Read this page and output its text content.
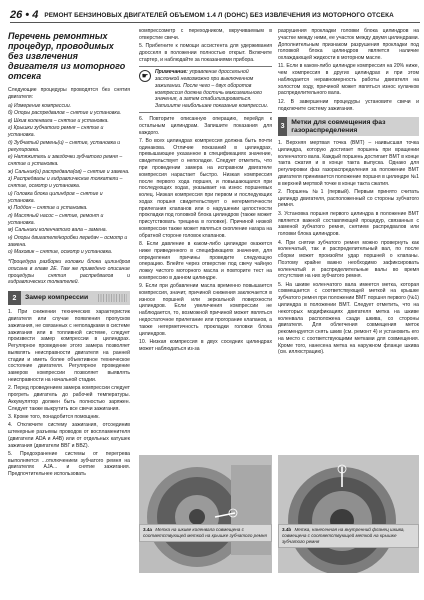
26 • 4 РЕМОНТ БЕНЗИНОВЫХ ДВИГАТЕЛЕЙ ОБЪЕМОМ 1.4 Л (DOHC) БЕЗ ИЗВЛЕЧЕНИЯ ИЗ МОТОРНОГО ОТСЕКА
Перечень ремонтных процедур, проводимых без извлечения двигателя из моторного отсека

Следующие процедуры проводятся без снятия двигателя:

a) Измерение компрессии.
б) Опоры распредвалов – снятие и установка.
в) Шкив коленвала – снятие и установка.
г) Крышки зубчатого ремня – снятие и установка.
д) Зубчатый ремень(и) – снятие, установка и регулировка.
е) Натяжитель и звездочки зубчатого ремня – снятие и установка.
ж) Сальник(и) распредвала(ов) – снятие и замена.
з) Распредвалы и гидравлические толкатели – снятие, осмотр и установка.
и) Головка блока цилиндров – снятие и установка.
к) Поддон – снятие и установка.
л) Масляный насос – снятие, ремонт и установка.
м) Сальники коленчатого вала – замена.
н) Опоры двигателя/коробки передач – осмотр и замена.
о) Маховик – снятие, осмотр и установка.

*Процедура разборки головки блока цилиндров описана в главе 2Е. Там же приведено описание процедуры снятия распредвалов и гидравлических толкателей.

2	Замер компрессии

1. При снижении технических характеристик двигателя или случае появления пропусков зажигания, не связанных с неполадками в системе зажигания или в топливной системе, следует произвести замер компрессии в цилиндрах. Регулярное проведение этого замера позволяет выявлять неисправности двигателя на ранней стадии и иметь более объективное техническое состояние двигателя. Регулярное проведение замеров компрессии позволяет выявлять неисправности на начальной стадии.

2. Перед проведением замера компрессии следует прогреть двигатель до рабочей температуры. Аккумулятор должен быть полностью заряжен. Следует также выкрутить все свечи зажигания.

3. Кроме того, понадобится помощник.

4. Отключите систему зажигания, отсоединив штекерные разъемы проводов от воспламенителя (двигатели ADA и A4B) или от отдельных катушек зажигания (двигатели ВВГ и BBZ).

5. Предохранение системы от перегрева выполняется ...отключением зубчатого ремня на двигателях AJA... и снятие зажигания. Предпочтительнее использовать

компрессометр с переходником, вкручиваемым в отверстие свечи.

5. Прибегните к помощи ассистента для удерживания дросселя в положении полностью открыт. Включите стартер, и наблюдайте за показаниями прибора.

☛
Примечание: управление дроссельной заслонкой невозможно при выключенном зажигании. После чего – двух оборотов компрессия должна достичь максимального значения, а затем стабилизироваться. Запишите наибольшее показание компрессии.

6. Повторите описанную операцию, перейдя к остальным цилиндрам. Запишите показания для каждого.

7. Во всех цилиндрах компрессия должна быть почти одинакова. Отличие показаний в цилиндрах, превышающее указанное в спецификациях значение, свидетельствует о неполадке. Следует отметить, что при проведении замера на исправном двигателе компрессия нарастает быстро. Низкая компрессия после первого хода поршня, и повышающаяся при последующих ходах, указывает на износ поршневых колец. Низкая компрессия при первом и последующих ходах поршня свидетельствует о негерметичности прилегания клапанов или о нарушении целостности прокладки под головкой блока цилиндров (также может присутствовать трещина в головке). Причиной низкой компрессии также может являться скопление нагара на обратной стороне головок клапанов.

8. Если давление в каком-либо цилиндре окажется ниже приведенного в спецификациях значения, для определения причины проведите следующую операцию. Влейте через отверстие под свечу чайную ложку чистого моторного масла и повторите тест на компрессию в данном цилиндре.

9. Если при добавлении масла временно повышается компрессия, значит, причиной снижения заключается в износе поршней или зеркальной поверхности цилиндров. Если увеличения компрессии не наблюдается, то, возможной причиной может являться недостаточное прилегание или прогорание клапанов, а также негерметичность прокладки головки блока цилиндров.

10. Низкая компрессия в двух соседних цилиндрах может наблюдаться из-за

разрушения прокладки головки блока цилиндров на участке между ними, ее участок между двумя цилиндрами. Дополнительным признаком разрушения прокладки под головкой блока цилиндров является наличие охлаждающей жидкости в моторном масле.

11. Если в каком-либо цилиндре компрессия на 20% ниже, чем компрессия в других цилиндрах и при этом наблюдается неравномерность работы двигателя на холостом ходу, причиной может являться износ кулачков распределительного вала.

12. В завершении процедуры установите свечи и подключите систему зажигания.

3
Метки для совмещения фаз газораспределения

1. Верхняя мертвая точка (ВМТ) – наивысшая точка цилиндра, которую достигает поршень при вращении коленчатого вала. Каждый поршень достигает ВМТ в конце такта сжатия и в конце такта выпуска. Однако для регулировки фаз газораспределения за положение ВМТ двигателя принимается положение поршня в цилиндре №1 в верхней мертвой точке в конце такта сжатия.

2. Поршень №1 (первый). Первым принято считать цилиндр двигателя, расположенный со стороны зубчатого ремня.

3. Установка поршня первого цилиндра в положение ВМТ является важной составляющей процедур, связанных с заменой зубчатого ремня, снятием распредвалов или головки блока цилиндров.

4. При снятии зубчатого ремня можно провернуть как коленчатый, так и распределительный вал, по после сборки может произойти удар поршней о клапаны. Поэтому крайне важно необходимо зафиксировать коленчатый и распределительные валы во время отсутствия на них зубчатого ремня.

5. На шкиве коленчатого вала имеется метка, которая совмещается с соответствующей меткой на крышке зубчатого ремня при положении ВМТ поршня первого (№1) цилиндра в положении ВМТ. Следует отметить, что на некоторых модификациях двигателя метка на шкиве коленвала расположена сзади шкива, со стороны двигателя. Для облегчения совмещения меток рекомендуется снять шкив (см. ремонт 4) и установить его на место с соответствующими метками для совмещения. Кроме того, нанесена метка на наружном фланце шкива (см. иллюстрацию).

3.4а Метка на шкиве коленвала совмещена с соответствующей меткой на крышке зубчатого ремня
3.4b Метка, нанесенная на внутренний фланец шкива, совмещена с соответствующей меткой на крышке зубчатого ремня
